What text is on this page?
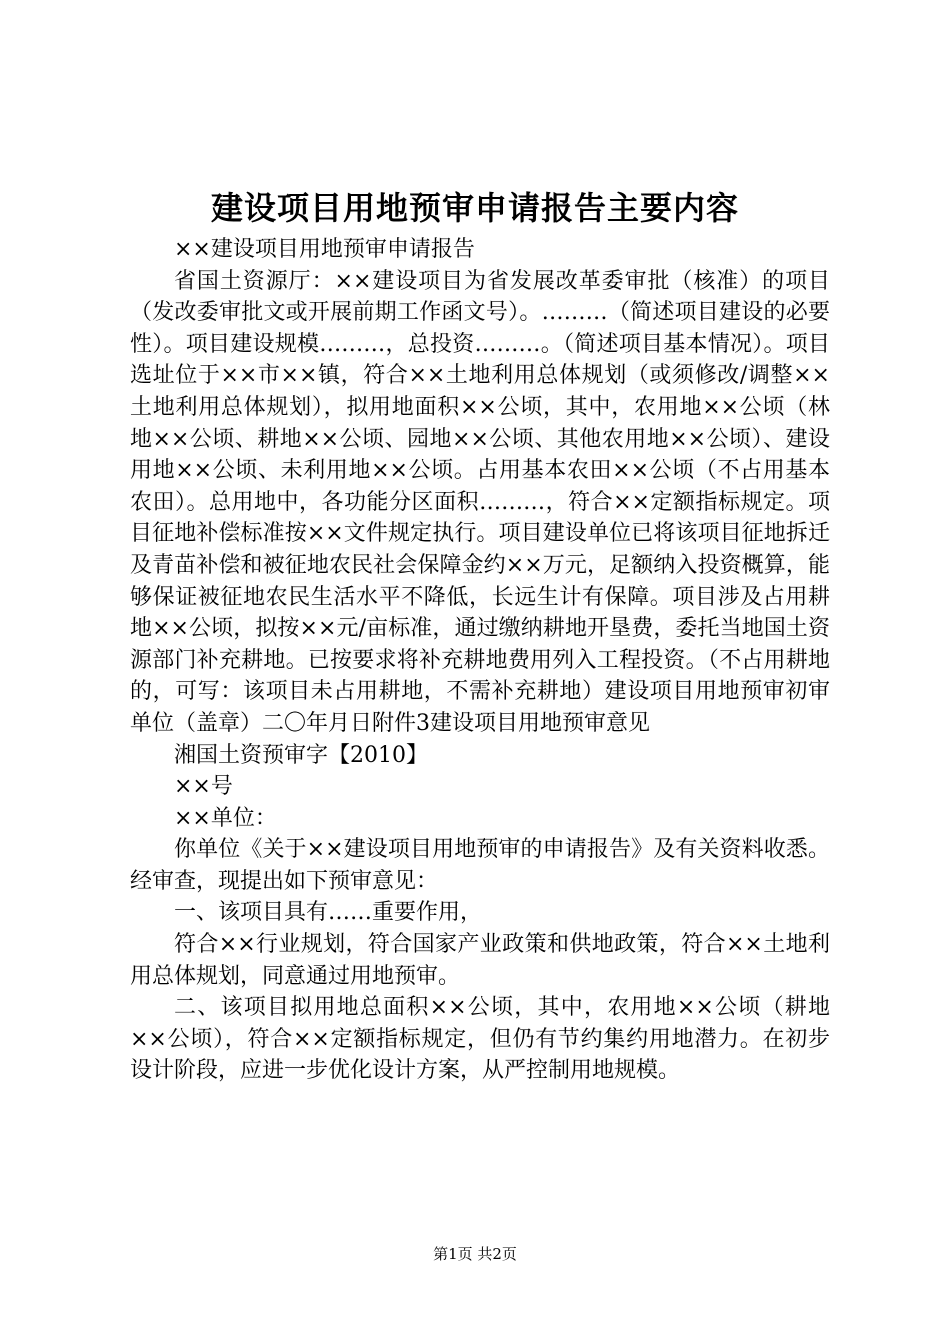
建设项目用地预审申请报告主要内容

××建设项目用地预审申请报告

省国土资源厅：××建设项目为省发展改革委审批（核准）的项目（发改委审批文或开展前期工作函文号）。………（简述项目建设的必要性）。项目建设规模………，总投资………。（简述项目基本情况）。项目选址位于××市××镇，符合××土地利用总体规划（或须修改/调整××土地利用总体规划），拟用地面积××公顷，其中，农用地××公顷（林地××公顷、耕地××公顷、园地××公顷、其他农用地××公顷）、建设用地××公顷、未利用地××公顷。占用基本农田××公顷（不占用基本农田）。总用地中，各功能分区面积………，符合××定额指标规定。项目征地补偿标准按××文件规定执行。项目建设单位已将该项目征地拆迁及青苗补偿和被征地农民社会保障金约××万元，足额纳入投资概算，能够保证被征地农民生活水平不降低，长远生计有保障。项目涉及占用耕地××公顷，拟按××元/亩标准，通过缴纳耕地开垦费，委托当地国土资源部门补充耕地。已按要求将补充耕地费用列入工程投资。（不占用耕地的，可写：该项目未占用耕地，不需补充耕地）建设项目用地预审初审单位（盖章）二〇年月日附件3建设项目用地预审意见

湘国土资预审字【2010】

××号

××单位：

你单位《关于××建设项目用地预审的申请报告》及有关资料收悉。经审查，现提出如下预审意见：

一、该项目具有……重要作用，

符合××行业规划，符合国家产业政策和供地政策，符合××土地利用总体规划，同意通过用地预审。

二、该项目拟用地总面积××公顷，其中，农用地××公顷（耕地××公顷），符合××定额指标规定，但仍有节约集约用地潜力。在初步设计阶段，应进一步优化设计方案，从严控制用地规模。

第1页 共2页
